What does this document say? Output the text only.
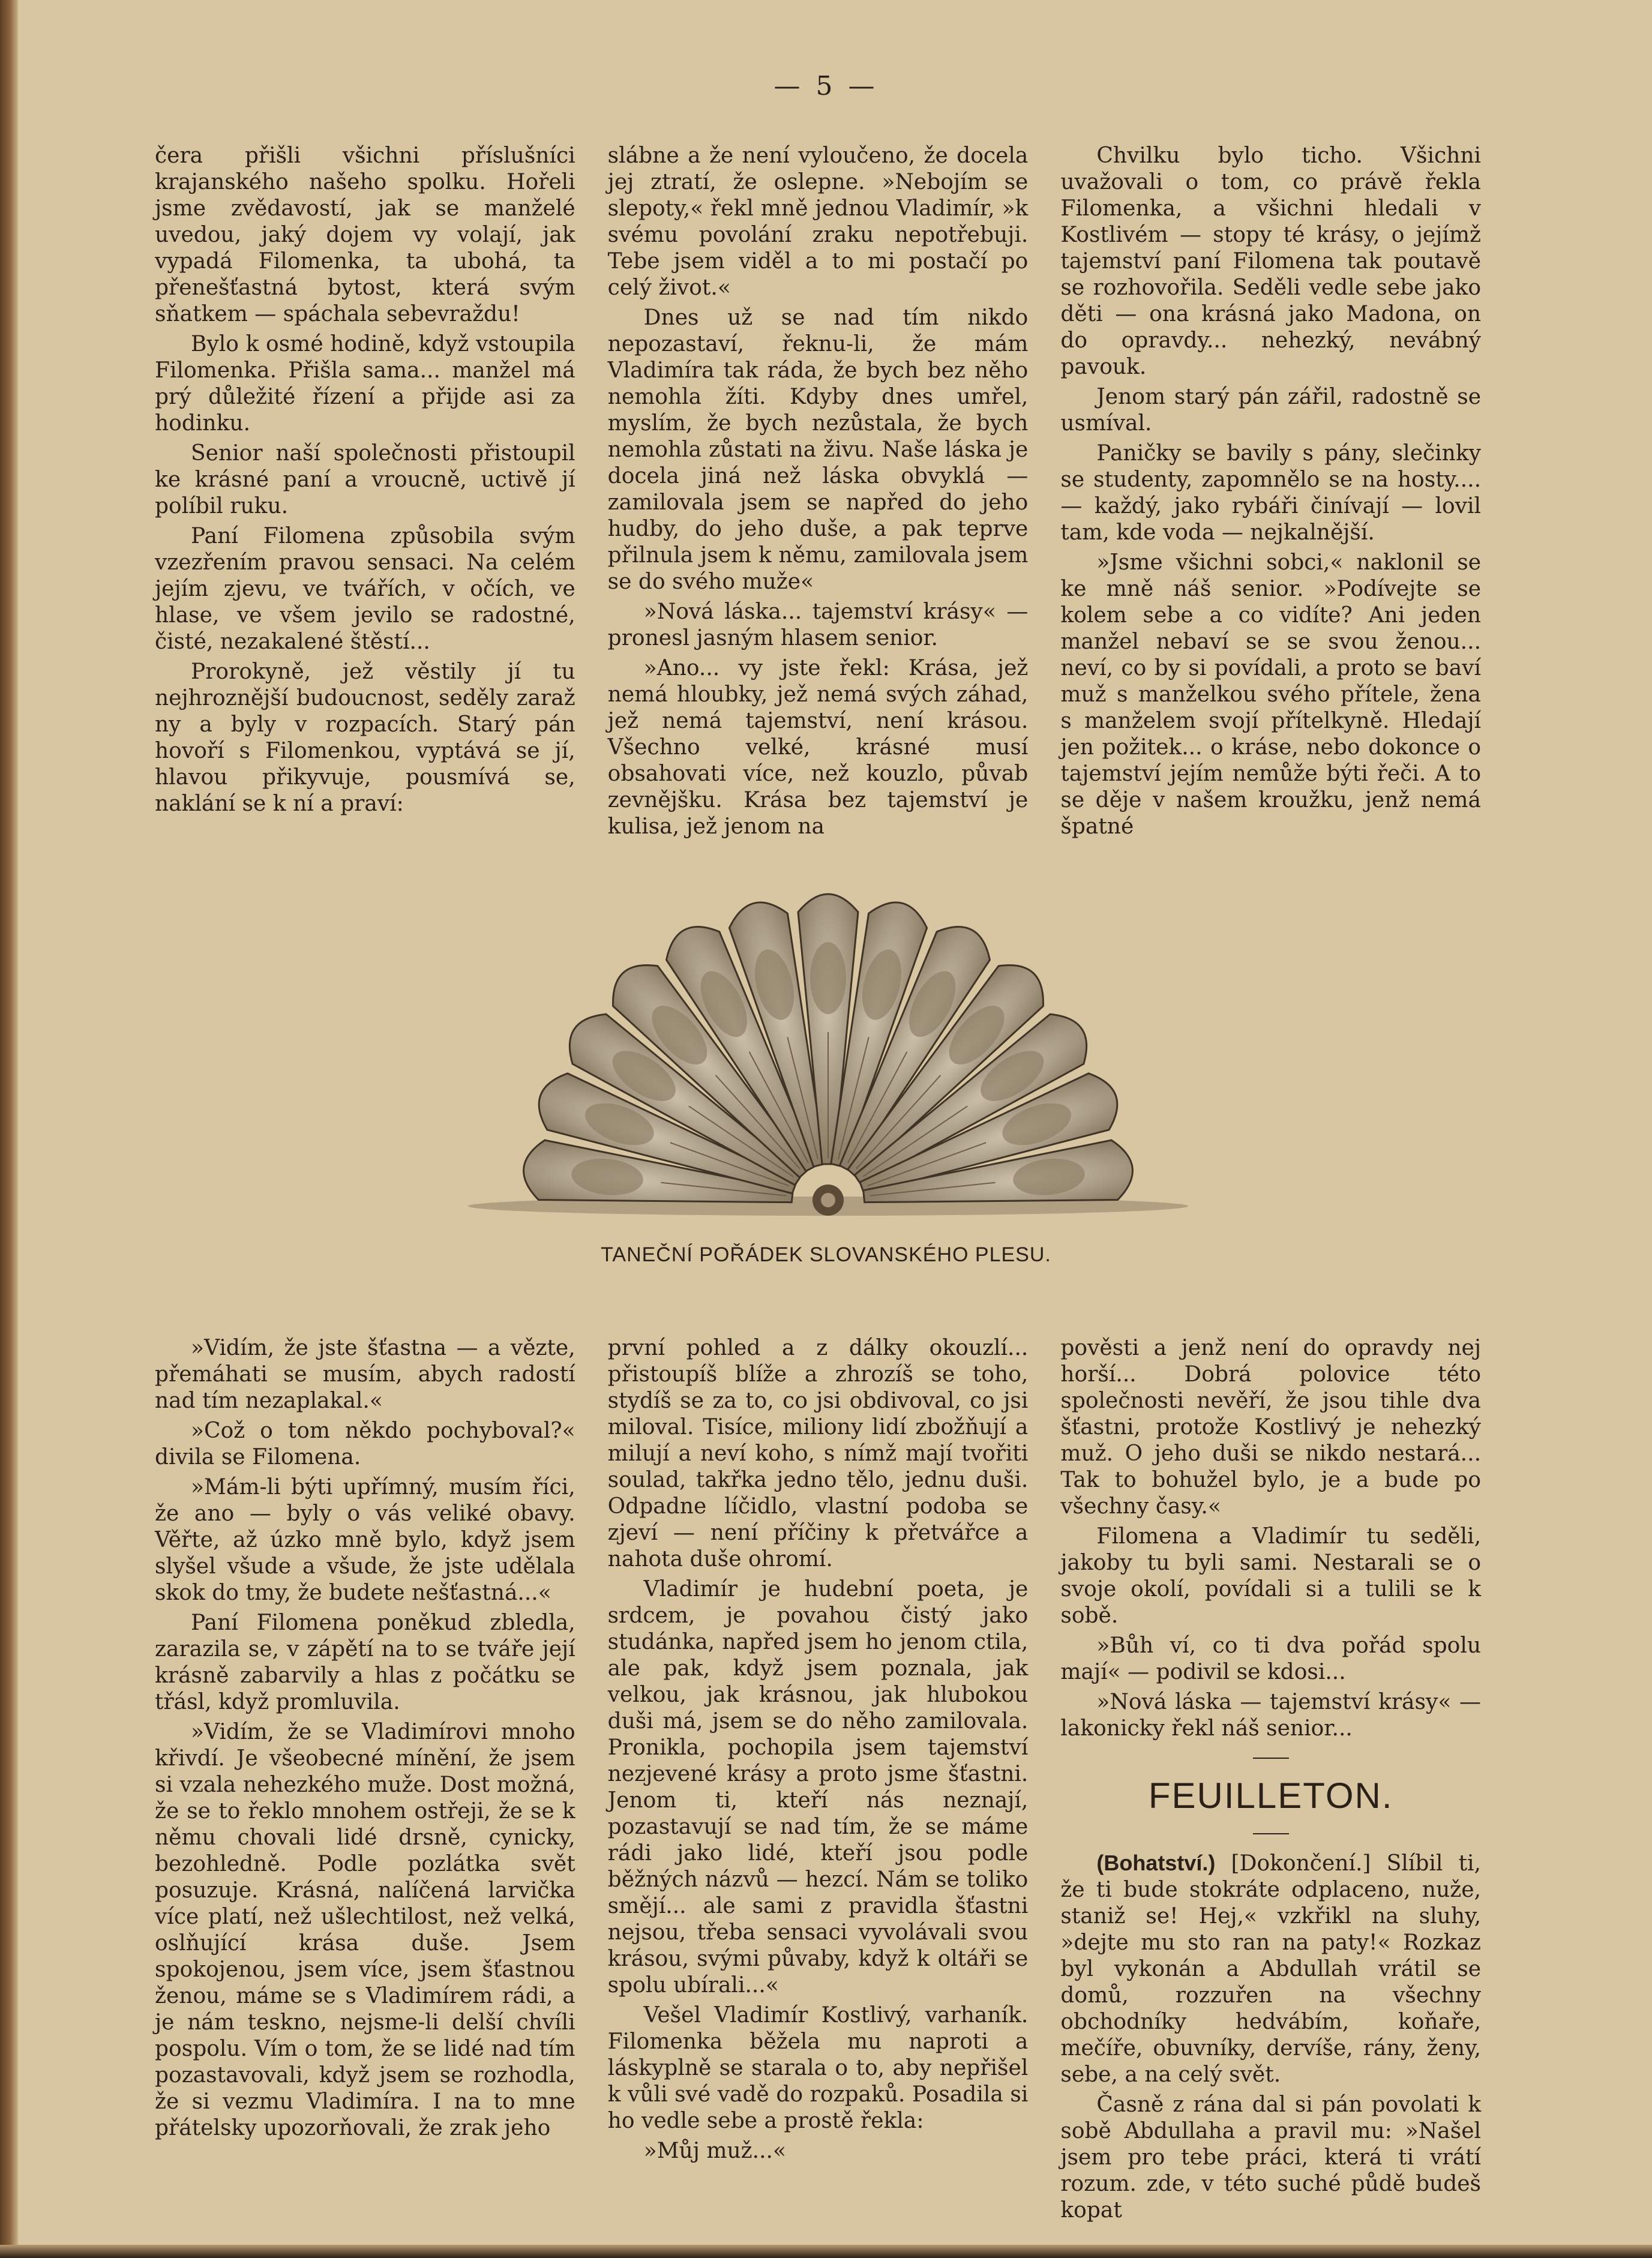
— 5 —

čera přišli všichni příslušníci krajanského našeho spolku. Hořeli jsme zvědavostí, jak se manželé uvedou, jaký dojem vy volají, jak vypadá Filomenka, ta ubohá, ta přenešťastná bytost, která svým sňatkem — spáchala sebevraždu!

Bylo k osmé hodině, když vstoupila Filomenka. Přišla sama... manžel má prý důležité řízení a přijde asi za hodinku.

Senior naší společnosti přistoupil ke krásné paní a vroucně, uctivě jí políbil ruku.

Paní Filomena způsobila svým vzezřením pravou sensaci. Na celém jejím zjevu, ve tvářích, v očích, ve hlase, ve všem jevilo se radostné, čisté, nezakalené štěstí...

Prorokyně, jež věstily jí tu nejhroznější budoucnost, seděly zaraž ny a byly v rozpacích. Starý pán hovoří s Filomenkou, vyptává se jí, hlavou přikyvuje, pousmívá se, naklání se k ní a praví:

slábne a že není vyloučeno, že docela jej ztratí, že oslepne. »Nebojím se slepoty,« řekl mně jednou Vladimír, »k svému povolání zraku nepotřebuji. Tebe jsem viděl a to mi postačí po celý život.«

Dnes už se nad tím nikdo nepozastaví, řeknu-li, že mám Vladimíra tak ráda, že bych bez něho nemohla žíti. Kdyby dnes umřel, myslím, že bych nezůstala, že bych nemohla zůstati na živu. Naše láska je docela jiná než láska obvyklá — zamilovala jsem se napřed do jeho hudby, do jeho duše, a pak teprve přilnula jsem k němu, zamilovala jsem se do svého muže«

»Nová láska... tajemství krásy« — pronesl jasným hlasem senior.

»Ano... vy jste řekl: Krása, jež nemá hloubky, jež nemá svých záhad, jež nemá tajemství, není krásou. Všechno velké, krásné musí obsahovati více, než kouzlo, půvab zevnějšku. Krása bez tajemství je kulisa, jež jenom na

Chvilku bylo ticho. Všichni uvažovali o tom, co právě řekla Filomenka, a všichni hledali v Kostlivém — stopy té krásy, o jejímž tajemství paní Filomena tak poutavě se rozhovořila. Seděli vedle sebe jako děti — ona krásná jako Madona, on do opravdy... nehezký, nevábný pavouk.

Jenom starý pán zářil, radostně se usmíval.

Paničky se bavily s pány, slečinky se studenty, zapomnělo se na hosty.... — každý, jako rybáři činívají — lovil tam, kde voda — nejkalnější.

»Jsme všichni sobci,« naklonil se ke mně náš senior. »Podívejte se kolem sebe a co vidíte? Ani jeden manžel nebaví se se svou ženou... neví, co by si povídali, a proto se baví muž s manželkou svého přítele, žena s manželem svojí přítelkyně. Hledají jen požitek... o kráse, nebo dokonce o tajemství jejím nemůže býti řeči. A to se děje v našem kroužku, jenž nemá špatné

TANEČNÍ POŘÁDEK SLOVANSKÉHO PLESU.

»Vidím, že jste šťastna — a vězte, přemáhati se musím, abych radostí nad tím nezaplakal.«

»Což o tom někdo pochyboval?« divila se Filomena.

»Mám-li býti upřímný, musím říci, že ano — byly o vás veliké obavy. Věřte, až úzko mně bylo, když jsem slyšel všude a všude, že jste udělala skok do tmy, že budete nešťastná...«

Paní Filomena poněkud zbledla, zarazila se, v zápětí na to se tváře její krásně zabarvily a hlas z počátku se třásl, když promluvila.

»Vidím, že se Vladimírovi mnoho křivdí. Je všeobecné mínění, že jsem si vzala nehezkého muže. Dost možná, že se to řeklo mnohem ostřeji, že se k němu chovali lidé drsně, cynicky, bezohledně. Podle pozlátka svět posuzuje. Krásná, nalíčená larvička více platí, než ušlechtilost, než velká, oslňující krása duše. Jsem spokojenou, jsem více, jsem šťastnou ženou, máme se s Vladimírem rádi, a je nám teskno, nejsme-li delší chvíli pospolu. Vím o tom, že se lidé nad tím pozastavovali, když jsem se rozhodla, že si vezmu Vladimíra. I na to mne přátelsky upozorňovali, že zrak jeho

první pohled a z dálky okouzlí... přistoupíš blíže a zhrozíš se toho, stydíš se za to, co jsi obdivoval, co jsi miloval. Tisíce, miliony lidí zbožňují a milují a neví koho, s nímž mají tvořiti soulad, takřka jedno tělo, jednu duši. Odpadne líčidlo, vlastní podoba se zjeví — není příčiny k přetvářce a nahota duše ohromí.

Vladimír je hudební poeta, je srdcem, je povahou čistý jako studánka, napřed jsem ho jenom ctila, ale pak, když jsem poznala, jak velkou, jak krásnou, jak hlubokou duši má, jsem se do něho zamilovala. Pronikla, pochopila jsem tajemství nezjevené krásy a proto jsme šťastni. Jenom ti, kteří nás neznají, pozastavují se nad tím, že se máme rádi jako lidé, kteří jsou podle běžných názvů — hezcí. Nám se toliko smějí... ale sami z pravidla šťastni nejsou, třeba sensaci vyvolávali svou krásou, svými půvaby, když k oltáři se spolu ubírali...«

Vešel Vladimír Kostlivý, varhaník. Filomenka běžela mu naproti a láskyplně se starala o to, aby nepřišel k vůli své vadě do rozpaků. Posadila si ho vedle sebe a prostě řekla:

»Můj muž...«

pověsti a jenž není do opravdy nej horší... Dobrá polovice této společnosti nevěří, že jsou tihle dva šťastni, protože Kostlivý je nehezký muž. O jeho duši se nikdo nestará... Tak to bohužel bylo, je a bude po všechny časy.«

Filomena a Vladimír tu seděli, jakoby tu byli sami. Nestarali se o svoje okolí, povídali si a tulili se k sobě.

»Bůh ví, co ti dva pořád spolu mají« — podivil se kdosi...

»Nová láska — tajemství krásy« — lakonicky řekl náš senior...

FEUILLETON.

(Bohatství.) [Dokončení.] Slíbil ti, že ti bude stokráte odplaceno, nuže, staniž se! Hej,« vzkřikl na sluhy, »dejte mu sto ran na paty!« Rozkaz byl vykonán a Abdullah vrátil se domů, rozzuřen na všechny obchodníky hedvábím, koňaře, mečíře, obuvníky, dervíše, rány, ženy, sebe, a na celý svět.

Časně z rána dal si pán povolati k sobě Abdullaha a pravil mu: »Našel jsem pro tebe práci, která ti vrátí rozum. zde, v této suché půdě budeš kopat
